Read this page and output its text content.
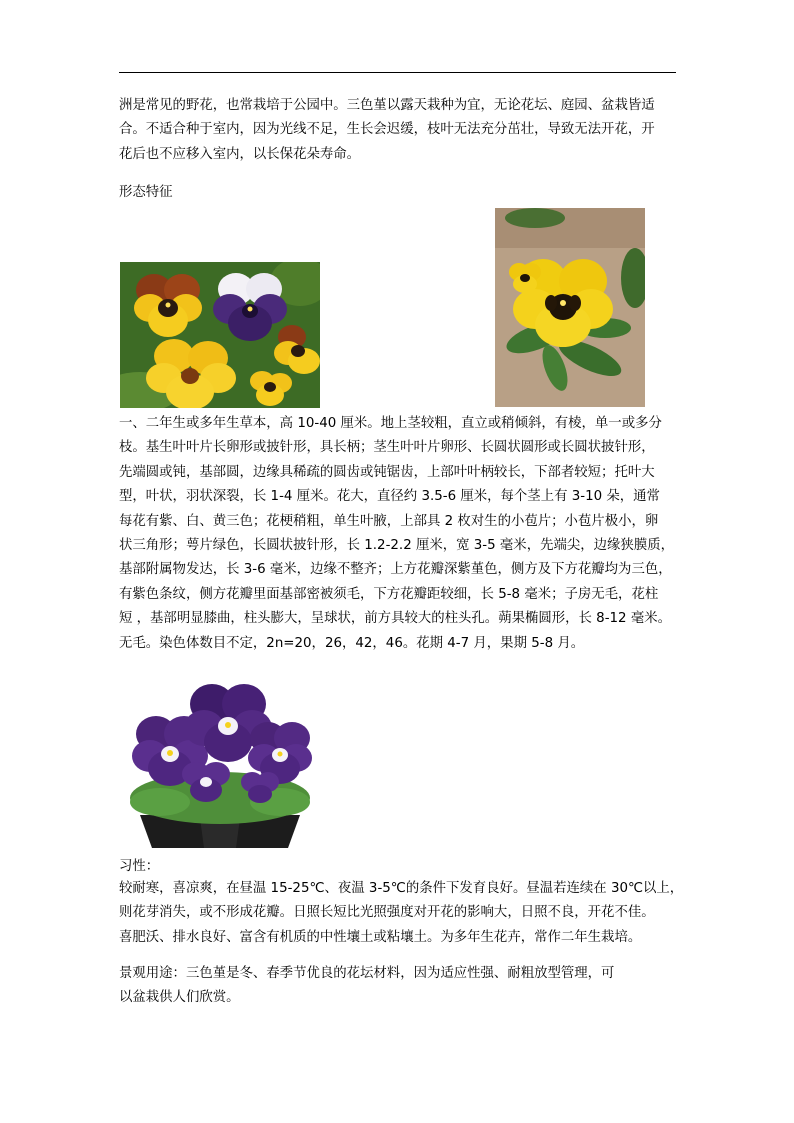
洲是常见的野花，也常栽培于公园中。三色堇以露天栽种为宜，无论花坛、庭园、盆栽皆适
合。不适合种于室内，因为光线不足，生长会迟缓，枝叶无法充分茁壮，导致无法开花，开
花后也不应移入室内，以长保花朵寿命。

形态特征

一、二年生或多年生草本，高 10-40 厘米。地上茎较粗，直立或稍倾斜，有棱，单一或多分
枝。基生叶叶片长卵形或披针形，具长柄；茎生叶叶片卵形、长圆状圆形或长圆状披针形，
先端圆或钝，基部圆，边缘具稀疏的圆齿或钝锯齿，上部叶叶柄较长，下部者较短；托叶大
型，叶状，羽状深裂，长 1-4 厘米。花大，直径约 3.5-6 厘米，每个茎上有 3-10 朵，通常
每花有紫、白、黄三色；花梗稍粗，单生叶腋，上部具 2 枚对生的小苞片；小苞片极小，卵
状三角形；萼片绿色，长圆状披针形，长 1.2-2.2 厘米，宽 3-5 毫米，先端尖，边缘狭膜质，
基部附属物发达，长 3-6 毫米，边缘不整齐；上方花瓣深紫堇色，侧方及下方花瓣均为三色，
有紫色条纹，侧方花瓣里面基部密被须毛，下方花瓣距较细，长 5-8 毫米；子房无毛，花柱
短 ，基部明显膝曲，柱头膨大，呈球状，前方具较大的柱头孔。蒴果椭圆形，长 8-12 毫米。
无毛。染色体数目不定，2n=20，26，42，46。花期 4-7 月，果期 5-8 月。

习性：

较耐寒，喜凉爽，在昼温 15-25℃、夜温 3-5℃的条件下发育良好。昼温若连续在 30℃以上，
则花芽消失，或不形成花瓣。日照长短比光照强度对开花的影响大，日照不良，开花不佳。
喜肥沃、排水良好、富含有机质的中性壤土或粘壤土。为多年生花卉，常作二年生栽培。

景观用途：三色堇是冬、春季节优良的花坛材料，因为适应性强、耐粗放型管理，可
以盆栽供人们欣赏。
